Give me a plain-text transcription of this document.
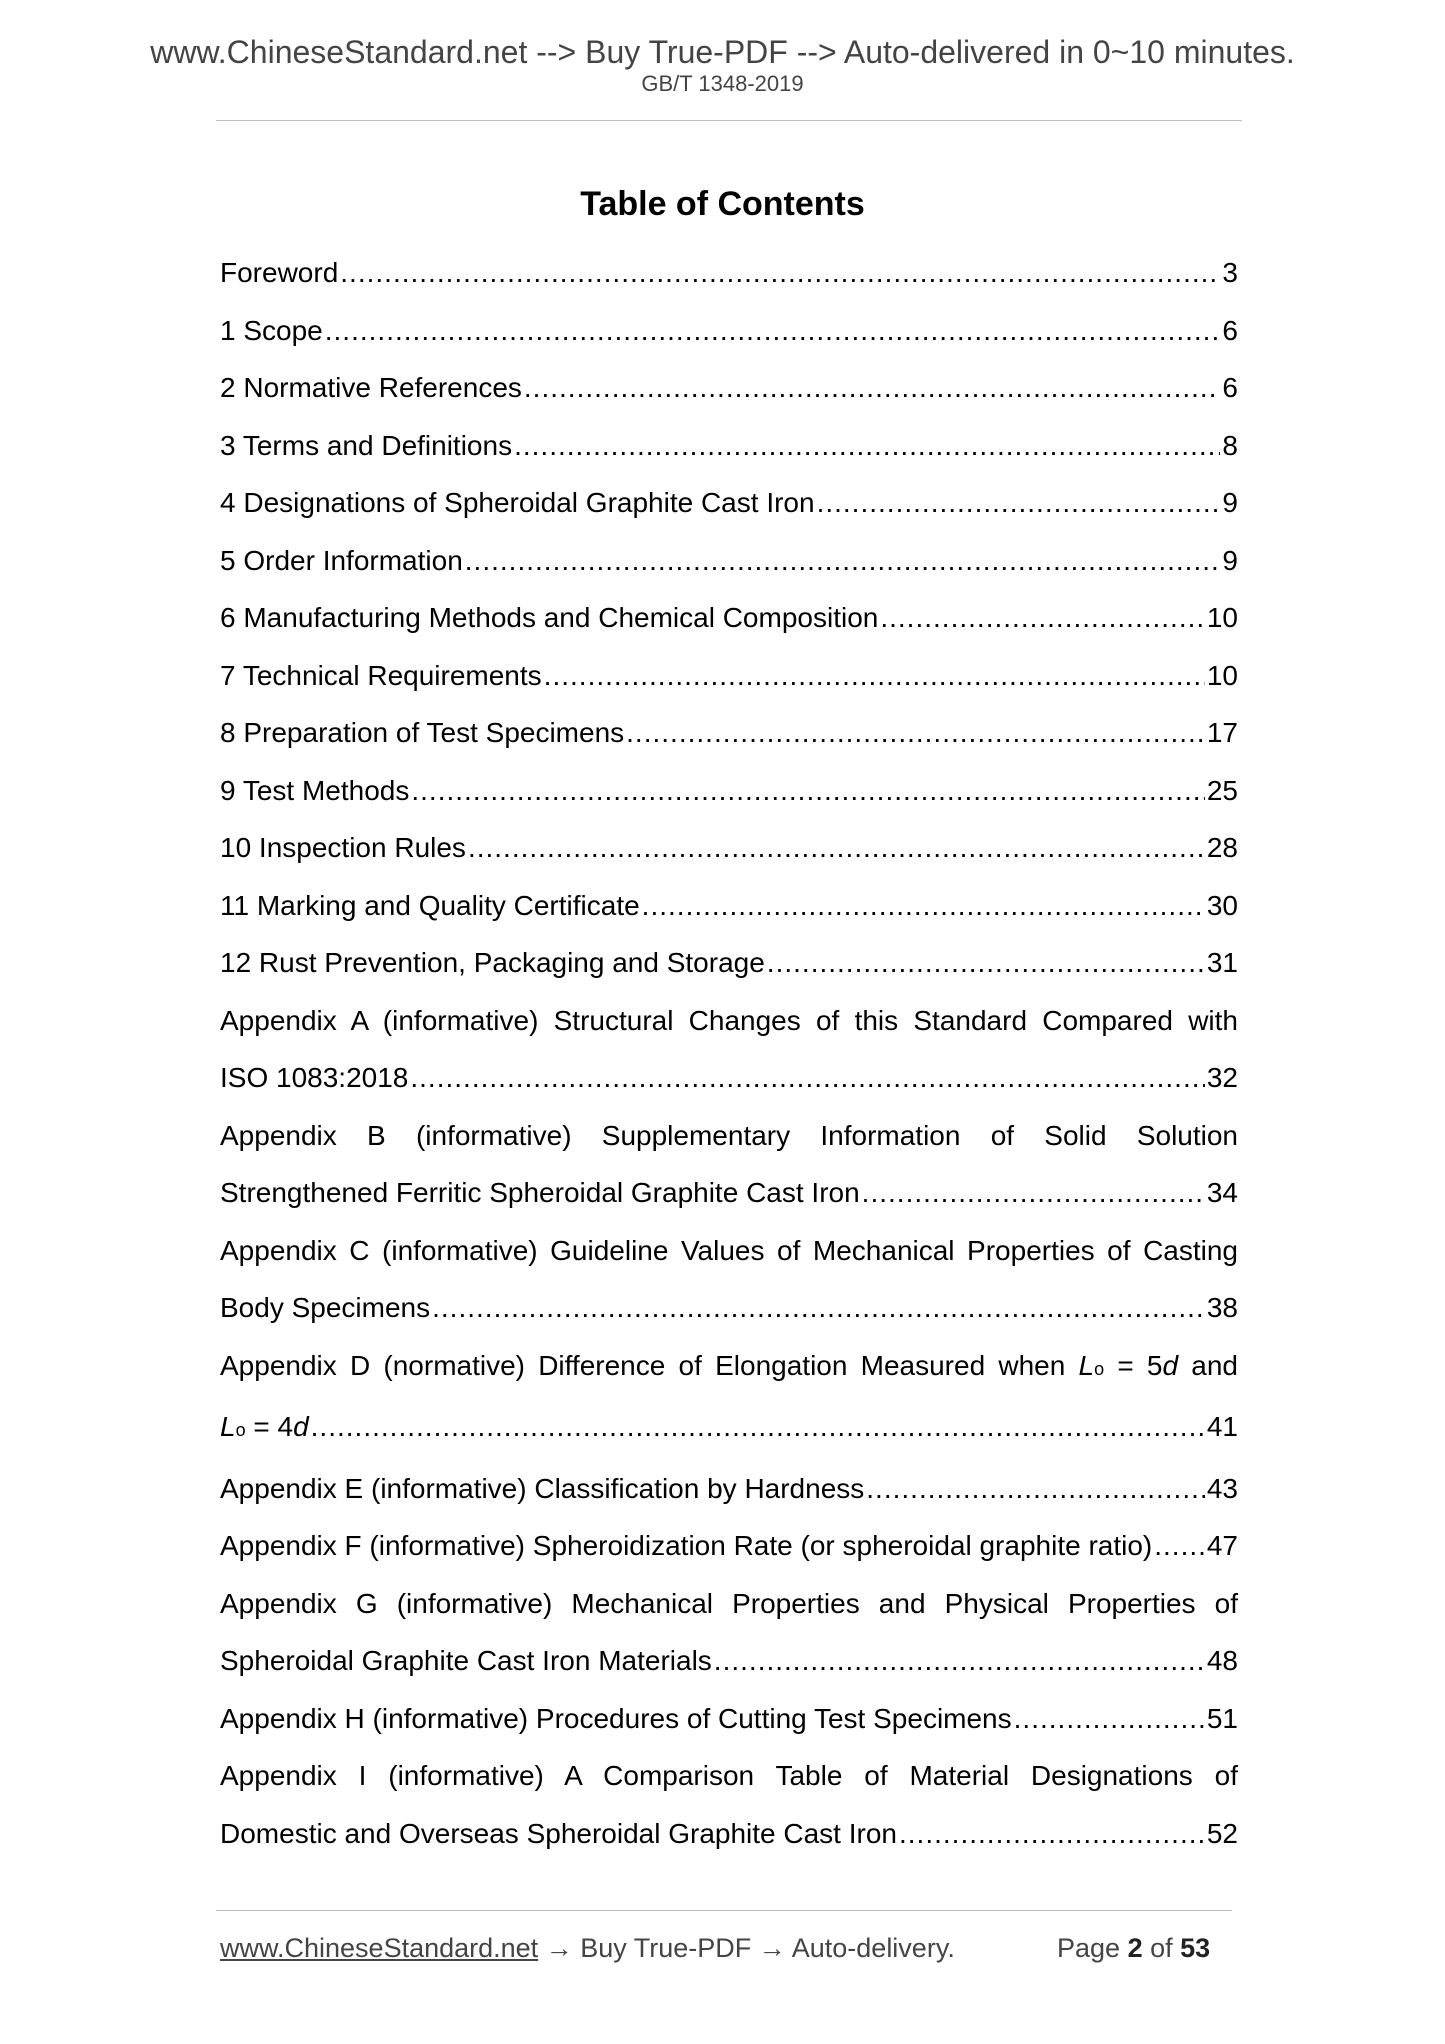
www.ChineseStandard.net --> Buy True-PDF --> Auto-delivered in 0~10 minutes.
GB/T 1348-2019
Table of Contents
Foreword .....	3
1 Scope .....	6
2 Normative References .....	6
3 Terms and Definitions .....	8
4 Designations of Spheroidal Graphite Cast Iron .....	9
5 Order Information .....	9
6 Manufacturing Methods and Chemical Composition .....	10
7 Technical Requirements .....	10
8 Preparation of Test Specimens .....	17
9 Test Methods .....	25
10 Inspection Rules .....	28
11 Marking and Quality Certificate .....	30
12 Rust Prevention, Packaging and Storage .....	31
Appendix A (informative) Structural Changes of this Standard Compared with
ISO 1083:2018 .....	32
Appendix B (informative) Supplementary Information of Solid Solution
Strengthened Ferritic Spheroidal Graphite Cast Iron .....	34
Appendix C (informative) Guideline Values of Mechanical Properties of Casting
Body Specimens .....	38
Appendix D (normative) Difference of Elongation Measured when Lo = 5d and
Lo = 4d .....	41
Appendix E (informative) Classification by Hardness .....	43
Appendix F (informative) Spheroidization Rate (or spheroidal graphite ratio) ..... 47
Appendix G (informative) Mechanical Properties and Physical Properties of
Spheroidal Graphite Cast Iron Materials .....	48
Appendix H (informative) Procedures of Cutting Test Specimens .....	51
Appendix I (informative) A Comparison Table of Material Designations of
Domestic and Overseas Spheroidal Graphite Cast Iron .....	52
www.ChineseStandard.net → Buy True-PDF → Auto-delivery.	Page 2 of 53
